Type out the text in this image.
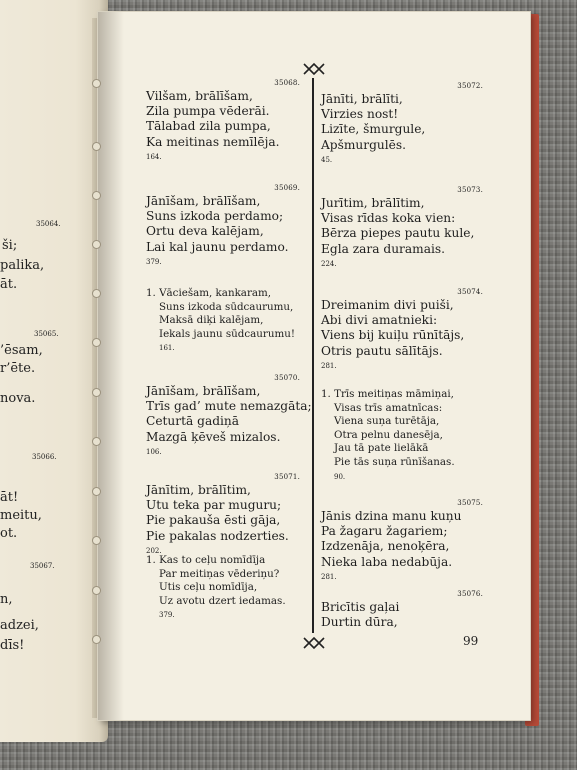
35064.
ši;
palika,
āt.
35065.
’ēsam,
r’ēte.
nova.
35066.
āt!
meitu,
ot.
35067.
n,
adzei,
dīs!
35068.
Vilšam, brālīšam,
Zila pumpa vēderāi.
Tālabad zila pumpa,
Ka meitinas nemīlēja.
164.
35069.
Jānīšam, brālīšam,
Suns izkoda perdamo;
Ortu deva kalējam,
Lai kal jaunu perdamo.
379.
1. Vāciešam, kankaram,
Suns izkoda sūdcaurumu,
Maksā diķi kalējam,
Iekals jaunu sūdcaurumu!
161.
35070.
Jānīšam, brālīšam,
Trīs gad’ mute nemazgāta;
Ceturtā gadiņā
Mazgā ķēveš mizalos.
106.
35071.
Jānītim, brālītim,
Utu teka par muguru;
Pie pakauša ēsti gāja,
Pie pakalas nodzerties.
202.
1. Kas to ceļu nomīdīja
Par meitiņas vēderiņu?
Utis ceļu nomīdīja,
Uz avotu dzert iedamas.
379.
35072.
Jānīti, brālīti,
Virzies nost!
Lizīte, šmurgule,
Apšmurgulēs.
45.
35073.
Jurītim, brālītim,
Visas rīdas koka vien:
Bērza piepes pautu kule,
Egla zara duramais.
224.
35074.
Dreimanim divi puiši,
Abi divi amatnieki:
Viens bij kuiļu rūnītājs,
Otris pautu sālītājs.
281.
1. Trīs meitiņas māmiņai,
Visas trīs amatnīcas:
Viena suņa turētāja,
Otra pelnu danesēja,
Jau tā pate lielākā
Pie tās suņa rūnīšanas.
90.
35075.
Jānis dzina manu kuņu
Pa žagaru žagariem;
Izdzenāja, nenoķēra,
Nieka laba nedabūja.
281.
35076.
Bricītis gaļai
Durtin dūra,
99
